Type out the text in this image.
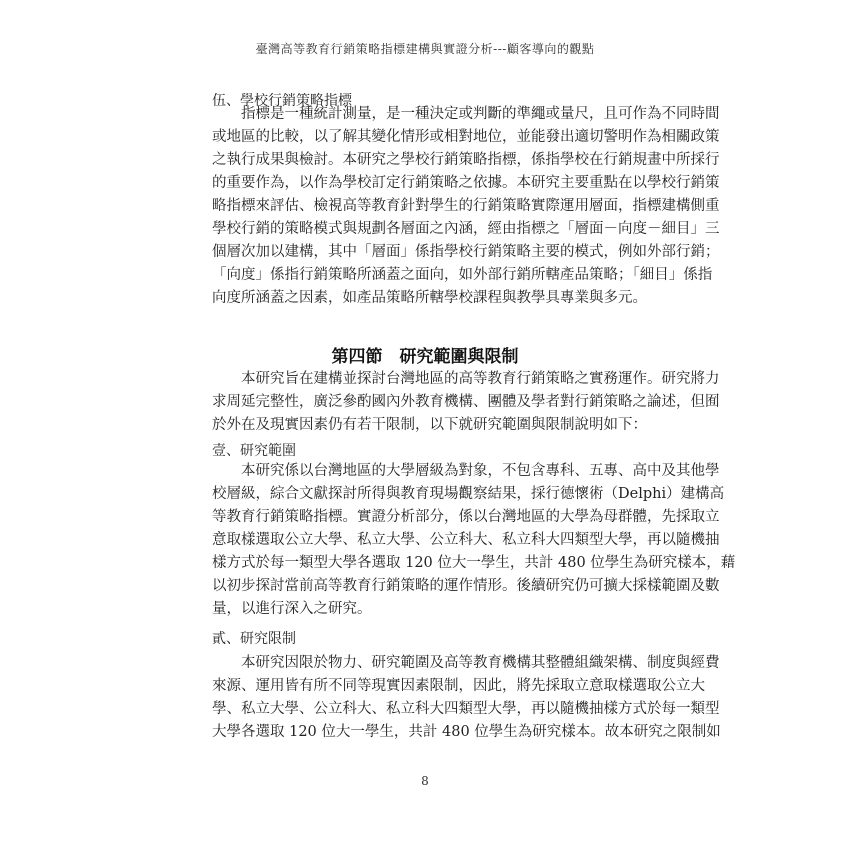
臺灣高等教育行銷策略指標建構與實證分析---顧客導向的觀點
伍、學校行銷策略指標
指標是一種統計測量，是一種決定或判斷的準繩或量尺，且可作為不同時間
或地區的比較，以了解其變化情形或相對地位，並能發出適切警明作為相關政策
之執行成果與檢討。本研究之學校行銷策略指標，係指學校在行銷規畫中所採行
的重要作為，以作為學校訂定行銷策略之依據。本研究主要重點在以學校行銷策
略指標來評估、檢視高等教育針對學生的行銷策略實際運用層面，指標建構側重
學校行銷的策略模式與規劃各層面之內涵，經由指標之「層面－向度－細目」三
個層次加以建構，其中「層面」係指學校行銷策略主要的模式，例如外部行銷；
「向度」係指行銷策略所涵蓋之面向，如外部行銷所轄產品策略；「細目」係指
向度所涵蓋之因素，如產品策略所轄學校課程與教學具專業與多元。
第四節　研究範圍與限制
本研究旨在建構並探討台灣地區的高等教育行銷策略之實務運作。研究將力
求周延完整性，廣泛參酌國內外教育機構、團體及學者對行銷策略之論述，但囿
於外在及現實因素仍有若干限制，以下就研究範圍與限制說明如下：
壹、研究範圍
本研究係以台灣地區的大學層級為對象，不包含專科、五專、高中及其他學
校層級，綜合文獻探討所得與教育現場觀察結果，採行德懷術（Delphi）建構高
等教育行銷策略指標。實證分析部分，係以台灣地區的大學為母群體，先採取立
意取樣選取公立大學、私立大學、公立科大、私立科大四類型大學，再以隨機抽
樣方式於每一類型大學各選取 120 位大一學生，共計 480 位學生為研究樣本，藉
以初步探討當前高等教育行銷策略的運作情形。後續研究仍可擴大採樣範圍及數
量，以進行深入之研究。
貳、研究限制
本研究因限於物力、研究範圍及高等教育機構其整體組織架構、制度與經費
來源、運用皆有所不同等現實因素限制，因此，將先採取立意取樣選取公立大
學、私立大學、公立科大、私立科大四類型大學，再以隨機抽樣方式於每一類型
大學各選取 120 位大一學生，共計 480 位學生為研究樣本。故本研究之限制如
8
